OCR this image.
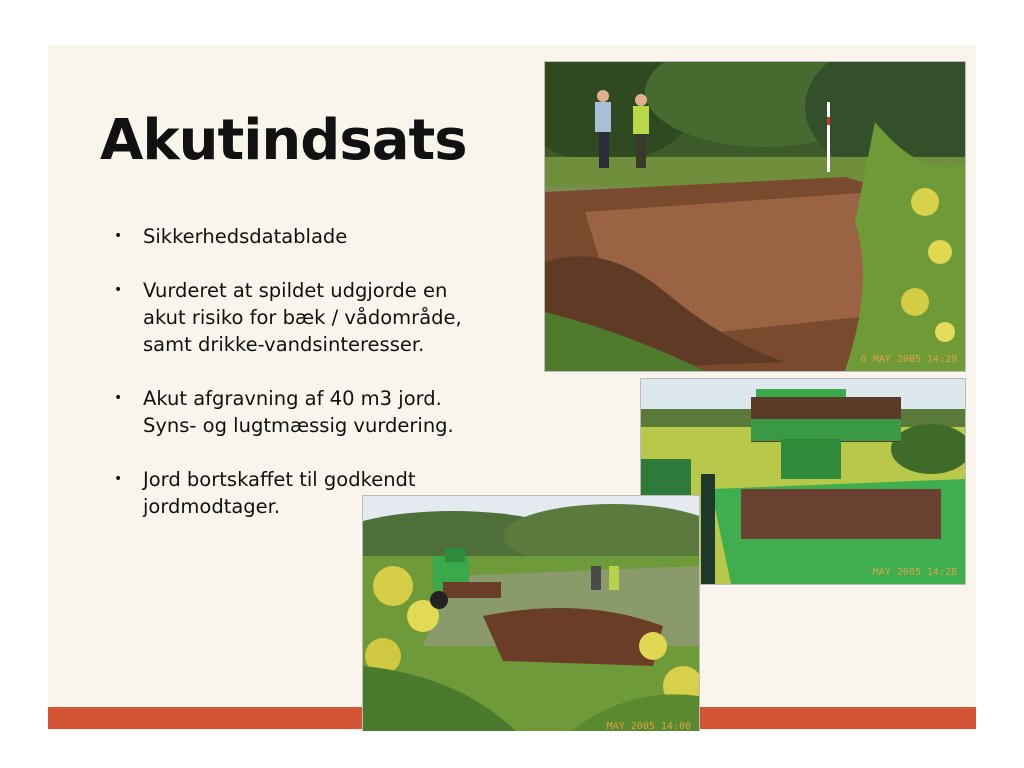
Akutindsats
• Sikkerhedsdatablade
• Vurderet at spildet udgjorde en akut risiko for bæk / vådområde, samt drikke-vandsinteresser.
• Akut afgravning af 40 m3 jord. Syns- og lugtmæssig vurdering.
• Jord bortskaffet til godkendt jordmodtager.
6 MAY 2005 14:29
MAY 2005 14:28
MAY 2005 14:00
